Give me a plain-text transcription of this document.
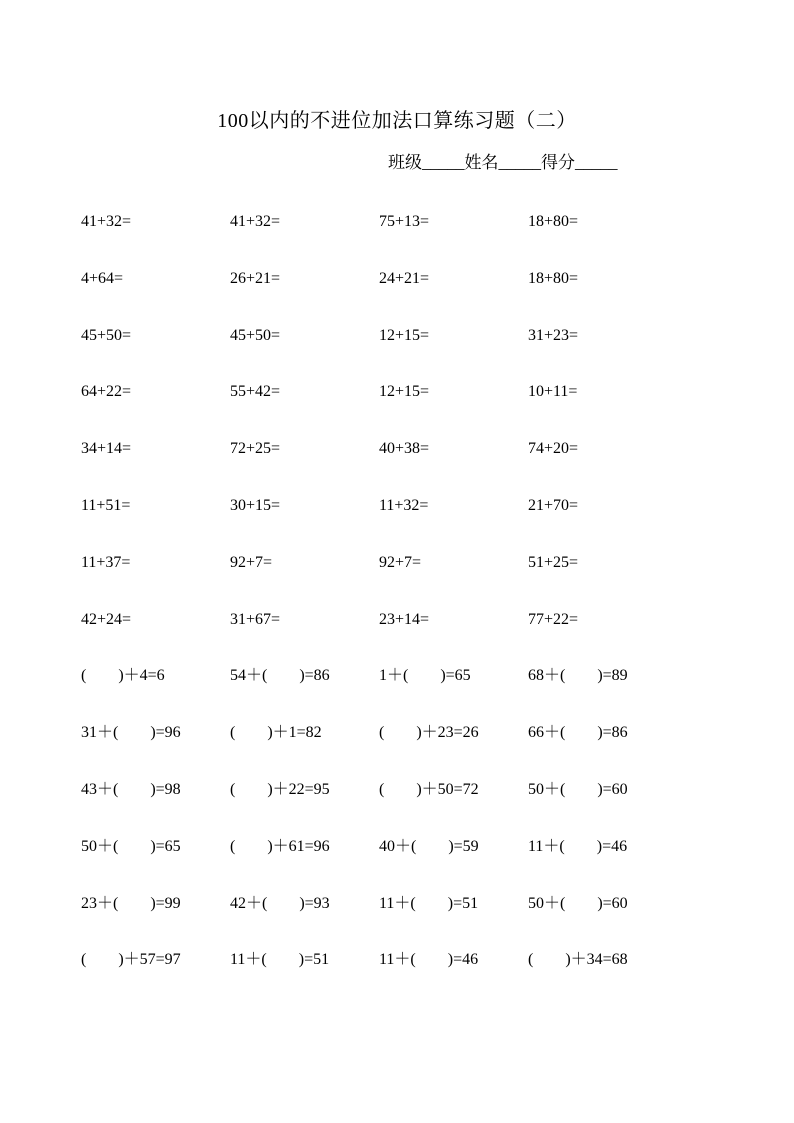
100以内的不进位加法口算练习题（二）
班级_____姓名_____得分_____
41+32=	41+32=	75+13=	18+80=
4+64=	26+21=	24+21=	18+80=
45+50=	45+50=	12+15=	31+23=
64+22=	55+42=	12+15=	10+11=
34+14=	72+25=	40+38=	74+20=
11+51=	30+15=	11+32=	21+70=
11+37=	92+7=	92+7=	51+25=
42+24=	31+67=	23+14=	77+22=
(        )＋4=6	54＋(        )=86	1＋(        )=65	68＋(        )=89
31＋(        )=96	(        )＋1=82	(        )＋23=26	66＋(        )=86
43＋(        )=98	(        )＋22=95	(        )＋50=72	50＋(        )=60
50＋(        )=65	(        )＋61=96	40＋(        )=59	11＋(        )=46
23＋(        )=99	42＋(        )=93	11＋(        )=51	50＋(        )=60
(        )＋57=97	11＋(        )=51	11＋(        )=46	(        )＋34=68
